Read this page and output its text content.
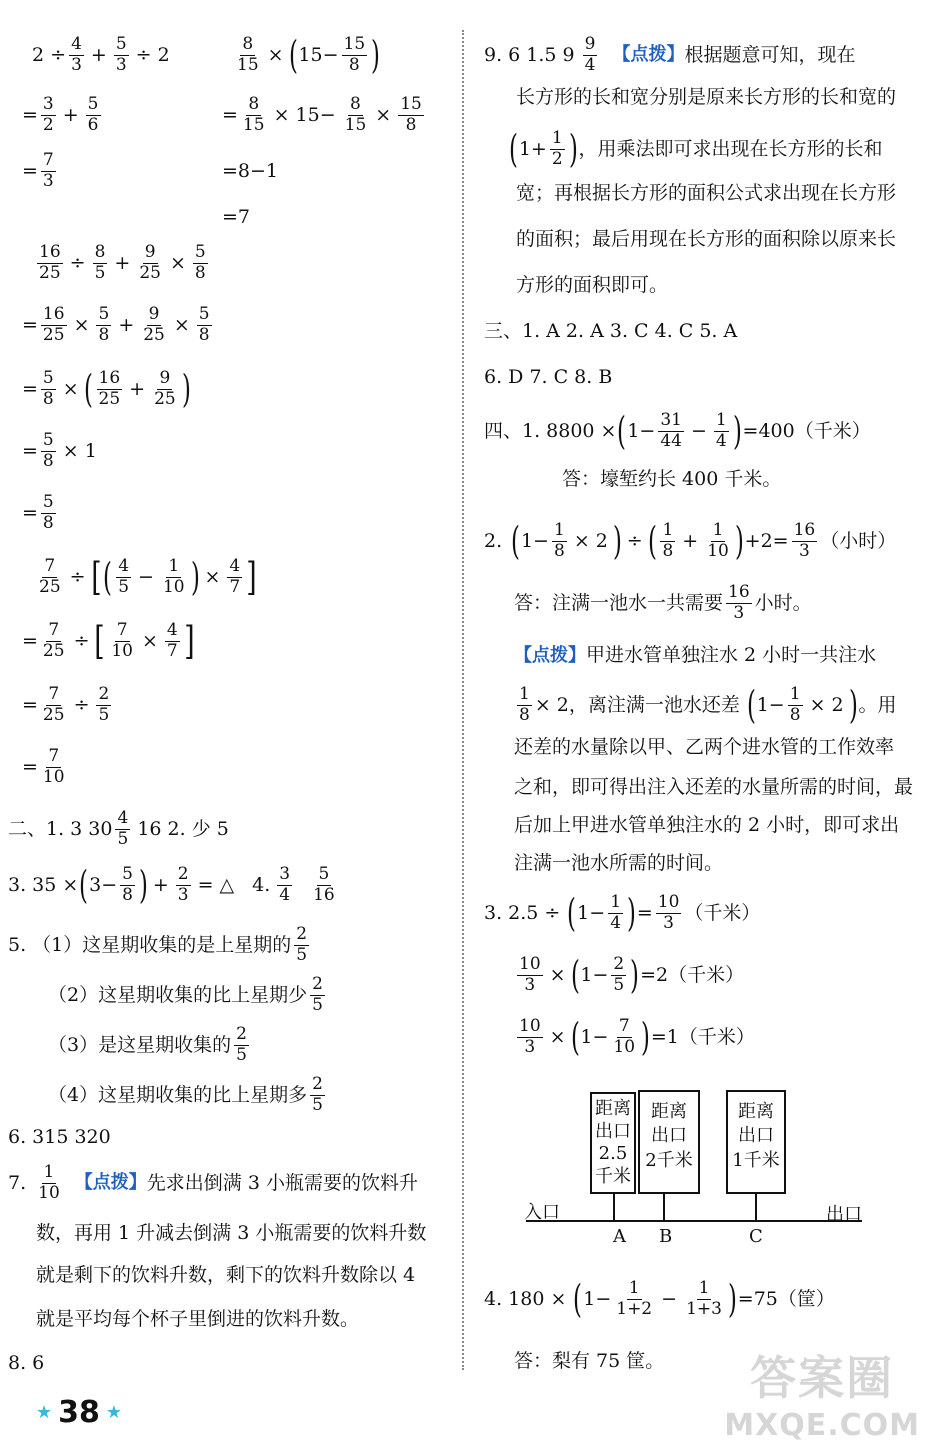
$2 \div \frac{4}{3} + \frac{5}{3} \div 2$
= $\frac{3}{2} + \frac{5}{6}$
= $\frac{7}{3}$
$\frac{8}{15}$ × ( $15- \frac{15}{8}$ )
= $\frac{8}{15} \times 15- \frac{8}{15} \times \frac{15}{8}$
=8−1
=7
$\frac{16}{25} \div \frac{8}{5} + \frac{9}{25} \times \frac{5}{8}$
= $\frac{16}{25} \times \frac{5}{8} + \frac{9}{25} \times \frac{5}{8}$
= $\frac{5}{8}$ × ( 16
$25 + \frac{9}{25}$ )
= $\frac{5}{8} \times 1$
= $\frac{5}{8}$
$\frac{7}{25}$ ÷ [ ( 4
$5 - \frac{1}{10}$ ) × $\frac{4}{7}$ ]
= $\frac{7}{25}$ ÷ [ $\frac{7}{10} \times \frac{4}{7}$ ]
= $\frac{7}{25} \div \frac{2}{5}$
= $\frac{7}{10}$
二、1. 3 30 4
5 16 2. 少 5
3. 35 × ( $3- \frac{5}{8}$ ) + $\frac{2}{3}$ = △ 4. 3
4
5
16
5. （1）这星期收集的是上星期的 2
5
（2）这星期收集的比上星期少 2
5
（3）是这星期收集的 2
5
（4）这星期收集的比上星期多 2
5
6. 315 320
7. 1
10 【点拨】 先求出倒满 3 小瓶需要的饮料升
数，再用 1 升减去倒满 3 小瓶需要的饮料升数
就是剩下的饮料升数，剩下的饮料升数除以 4
就是平均每个杯子里倒进的饮料升数。
8. 6
9. 6 1.5 9 9
4 【点拨】 根据题意可知，现在
长方形的长和宽分别是原来长方形的长和宽的
( $1+ \frac{1}{2}$ ) ，用乘法即可求出现在长方形的长和
宽；再根据长方形的面积公式求出现在长方形
的面积；最后用现在长方形的面积除以原来长
方形的面积即可。
三、1. A 2. A 3. C 4. C 5. A
6. D 7. C 8. B
四、1. 8800 × ( $1- \frac{31}{44} - \frac{1}{4}$ ) =400（千米）
答：壕堑约长 400 千米。
2. ( $1- \frac{1}{8} \times 2$ ) ÷ ( 1
$8 + \frac{1}{10}$ ) $+2= \frac{16}{3}$ （小时）
答：注满一池水一共需要 16
3 小时。
【点拨】 甲进水管单独注水 2 小时一共注水
$\frac{1}{8} \times 2$，离注满一池水还差 ( $1- \frac{1}{8} \times 2$ ) 。用
还差的水量除以甲、乙两个进水管的工作效率
之和，即可得出注入还差的水量所需的时间，最
后加上甲进水管单独注水的 2 小时，即可求出
注满一池水所需的时间。
3. 2.5 ÷ ( $1- \frac{1}{4}$ ) = $\frac{10}{3}$ （千米）
$\frac{10}{3}$ × ( $1- \frac{2}{5}$ ) =2（千米）
$\frac{10}{3}$ × ( $1- \frac{7}{10}$ ) =1（千米）
距离
出口
2.5
千米
距离
出口
2千米
距离
出口
1千米
入口	出口
A B	C
4. 180 × ( $1- \frac{1}{1+2} - \frac{1}{1+3}$ ) =75（筐）
答：梨有 75 筐。
★ 38 ★
答案圈
MXQE.COM
